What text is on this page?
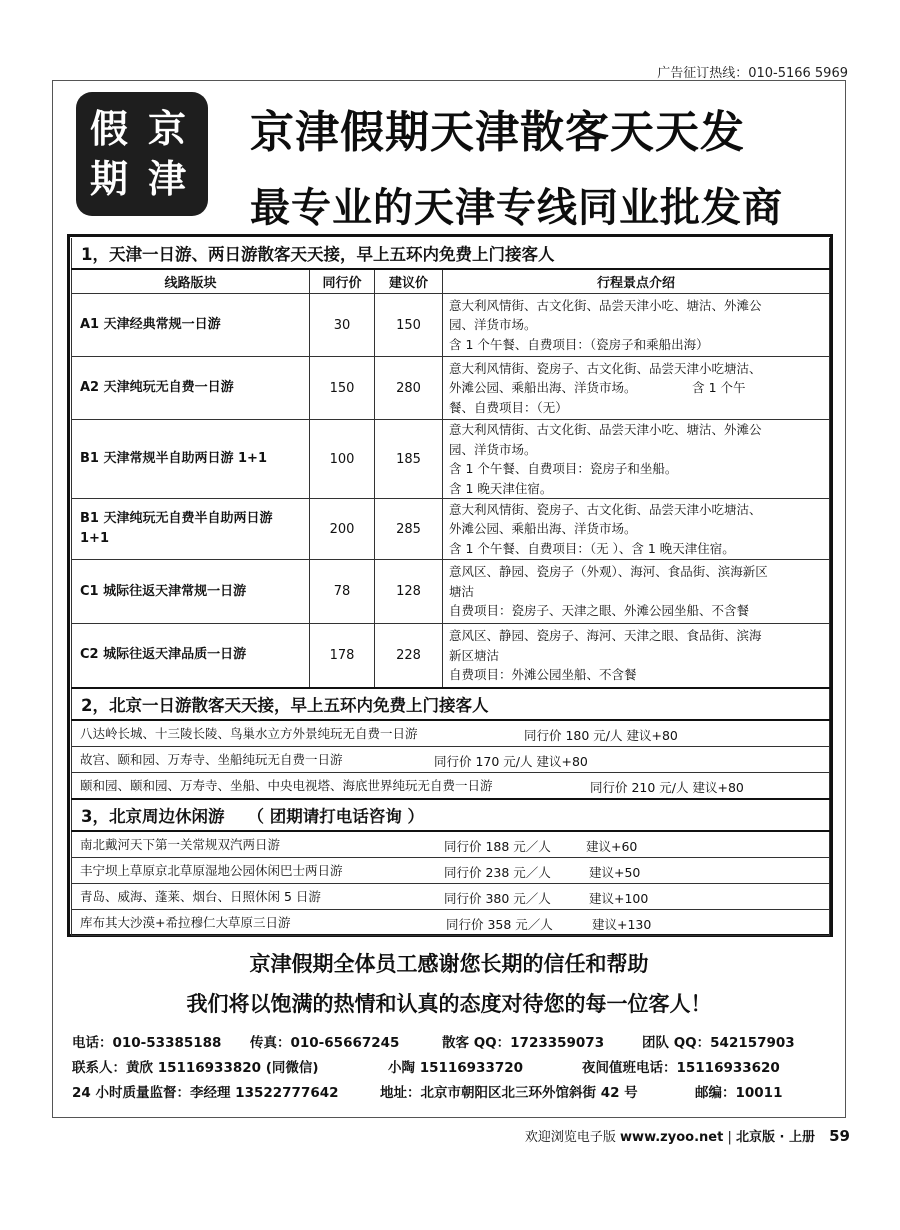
广告征订热线：010-5166 5969
假 京
期 津
京津假期天津散客天天发
最专业的天津专线同业批发商
1，天津一日游、两日游散客天天接，早上五环内免费上门接客人			
线路版块	同行价	建议价	行程景点介绍
A1 天津经典常规一日游	30	150	意大利风情街、古文化街、品尝天津小吃、塘沽、外滩公
园、洋货市场。
含 1 个午餐、自费项目：（瓷房子和乘船出海）

A2 天津纯玩无自费一日游	150	280	意大利风情街、瓷房子、古文化街、品尝天津小吃塘沽、
外滩公园、乘船出海、洋货市场。              含 1 个午
餐、自费项目：（无）

B1 天津常规半自助两日游 1+1	100	185	意大利风情街、古文化街、品尝天津小吃、塘沽、外滩公
园、洋货市场。
含 1 个午餐、自费项目：瓷房子和坐船。
含 1 晚天津住宿。

B1 天津纯玩无自费半自助两日游 1+1	200	285	意大利风情街、瓷房子、古文化街、品尝天津小吃塘沽、
外滩公园、乘船出海、洋货市场。
含 1 个午餐、自费项目：（无 ）、含 1 晚天津住宿。

C1 城际往返天津常规一日游	78	128	意风区、静园、瓷房子（外观）、海河、食品街、滨海新区
塘沽
自费项目：瓷房子、天津之眼、外滩公园坐船、不含餐

C2 城际往返天津品质一日游	178	228	意风区、静园、瓷房子、海河、天津之眼、食品街、滨海
新区塘沽
自费项目：外滩公园坐船、不含餐

2，北京一日游散客天天接，早上五环内免费上门接客人			
八达岭长城、十三陵长陵、鸟巢水立方外景纯玩无自费一日游 同行价 180 元/人 建议+80			

故宫、颐和园、万寿寺、坐船纯玩无自费一日游 同行价 170 元/人 建议+80			

颐和园、颐和园、万寿寺、坐船、中央电视塔、海底世界纯玩无自费一日游 同行价 210 元/人 建议+80			

3，北京周边休闲游    （ 团期请打电话咨询 ）			
南北戴河天下第一关常规双汽两日游 同行价 188 元／人 建议+60			

丰宁坝上草原京北草原湿地公园休闲巴士两日游 同行价 238 元／人 建议+50			

青岛、威海、蓬莱、烟台、日照休闲 5 日游 同行价 380 元／人 建议+100			

库布其大沙漠+希拉穆仁大草原三日游 同行价 358 元／人 建议+130			
京津假期全体员工感谢您长期的信任和帮助
我们将以饱满的热情和认真的态度对待您的每一位客人！
电话：010-53385188 传真：010-65667245	散客 QQ：1723359073	团队 QQ：542157903
联系人：黄欣 15116933820 (同微信)	小陶 15116933720	夜间值班电话：15116933620
24 小时质量监督：李经理 13522777642	地址：北京市朝阳区北三环外馆斜街 42 号	邮编：10011
欢迎浏览电子版 www.zyoo.net | 北京版 · 上册 59
